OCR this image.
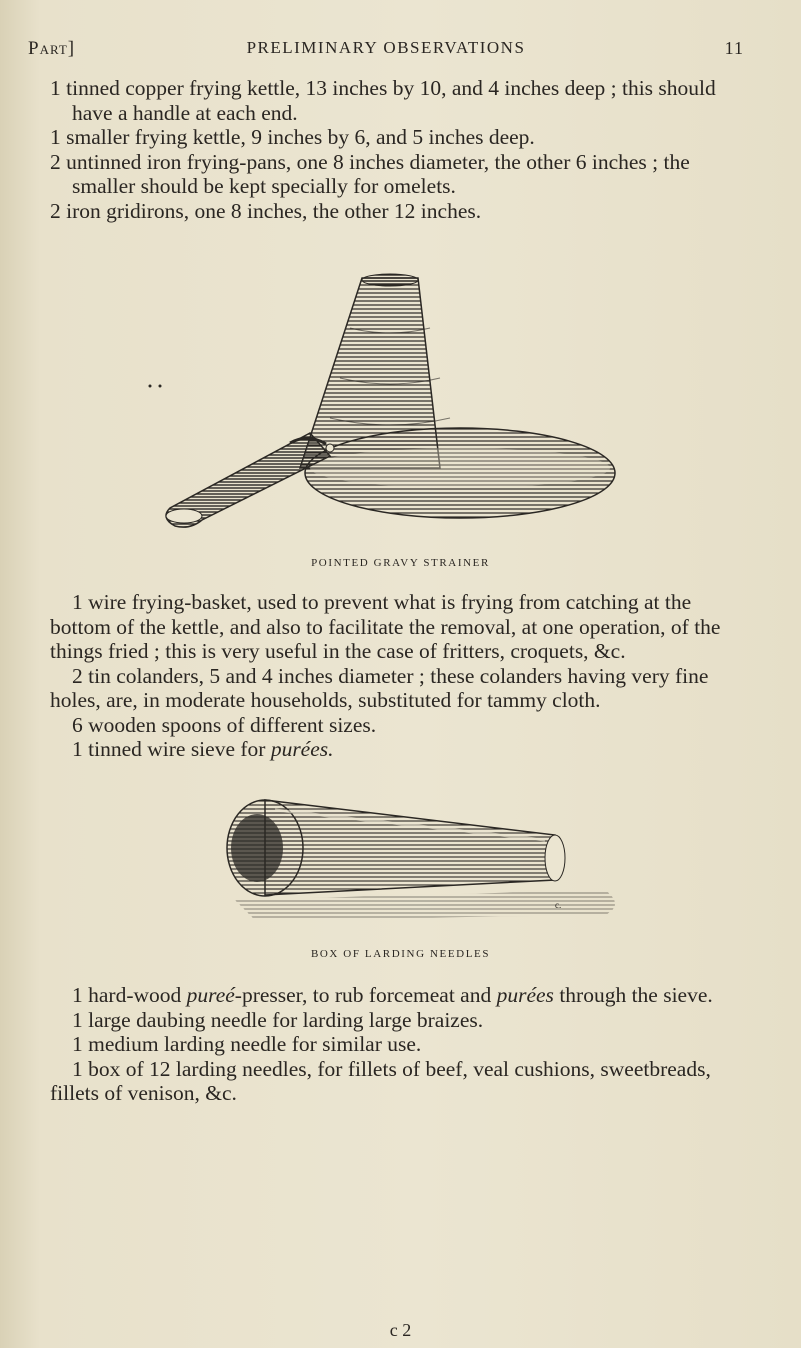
Part]	PRELIMINARY OBSERVATIONS	11

1 tinned copper frying kettle, 13 inches by 10, and 4 inches deep ; this should have a handle at each end.

1 smaller frying kettle, 9 inches by 6, and 5 inches deep.

2 untinned iron frying-pans, one 8 inches diameter, the other 6 inches ; the smaller should be kept specially for omelets.

2 iron gridirons, one 8 inches, the other 12 inches.

POINTED GRAVY STRAINER

1 wire frying-basket, used to prevent what is frying from catching at the bottom of the kettle, and also to facilitate the removal, at one operation, of the things fried ; this is very useful in the case of fritters, croquets, &c.

2 tin colanders, 5 and 4 inches diameter ; these colanders having very fine holes, are, in moderate households, substituted for tammy cloth.

6 wooden spoons of different sizes.

1 tinned wire sieve for purées.

c.
BOX OF LARDING NEEDLES

1 hard-wood pureé-presser, to rub forcemeat and purées through the sieve.

1 large daubing needle for larding large braizes.

1 medium larding needle for similar use.

1 box of 12 larding needles, for fillets of beef, veal cushions, sweetbreads, fillets of venison, &c.

c 2
